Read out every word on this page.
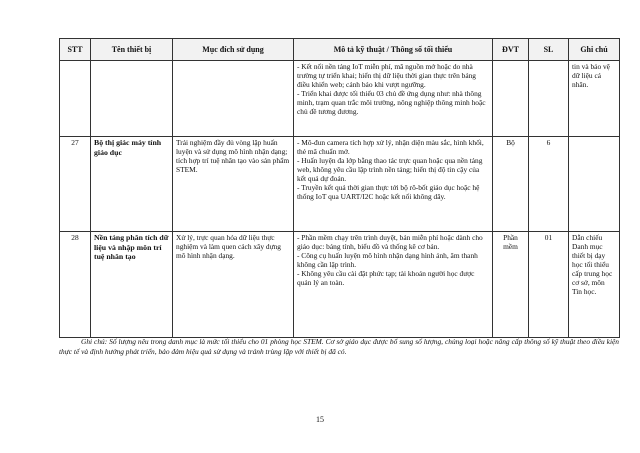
STT	Tên thiết bị	Mục đích sử dụng	Mô tả kỹ thuật / Thông số tối thiểu	ĐVT	SL	Ghi chú

			- Kết nối nền tảng IoT miễn phí, mã nguồn mở hoặc do nhà trường tự triển khai; hiển thị dữ liệu thời gian thực trên bảng điều khiển web; cảnh báo khi vượt ngưỡng.
- Triển khai được tối thiểu 03 chủ đề ứng dụng như: nhà thông minh, trạm quan trắc môi trường, nông nghiệp thông minh hoặc chủ đề tương đương.			tin và bảo vệ dữ liệu cá nhân.
27	Bộ thị giác máy tính giáo dục	Trải nghiệm đầy đủ vòng lặp huấn luyện và sử dụng mô hình nhận dạng; tích hợp trí tuệ nhân tạo vào sản phẩm STEM.	- Mô-đun camera tích hợp xử lý, nhận diện màu sắc, hình khối, thẻ mã chuẩn mở.
- Huấn luyện đa lớp bằng thao tác trực quan hoặc qua nền tảng web, không yêu cầu lập trình nền tảng; hiển thị độ tin cậy của kết quả dự đoán.
- Truyền kết quả thời gian thực tới bộ rô-bốt giáo dục hoặc hệ thống IoT qua UART/I2C hoặc kết nối không dây.	Bộ	6	
28	Nền tảng phân tích dữ liệu và nhập môn trí tuệ nhân tạo	Xử lý, trực quan hóa dữ liệu thực nghiệm và làm quen cách xây dựng mô hình nhận dạng.	- Phần mềm chạy trên trình duyệt, bản miễn phí hoặc dành cho giáo dục: bảng tính, biểu đồ và thống kê cơ bản.
- Công cụ huấn luyện mô hình nhận dạng hình ảnh, âm thanh không cần lập trình.
- Không yêu cầu cài đặt phức tạp; tài khoản người học được quản lý an toàn.	Phần mềm	01	Dẫn chiếu Danh mục thiết bị dạy học tối thiểu cấp trung học cơ sở, môn Tin học.

Ghi chú: Số lượng nêu trong danh mục là mức tối thiểu cho 01 phòng học STEM. Cơ sở giáo dục được bổ sung số lượng, chủng loại hoặc nâng cấp thông số kỹ thuật theo điều kiện thực tế và định hướng phát triển, bảo đảm hiệu quả sử dụng và tránh trùng lặp với thiết bị đã có.

15
